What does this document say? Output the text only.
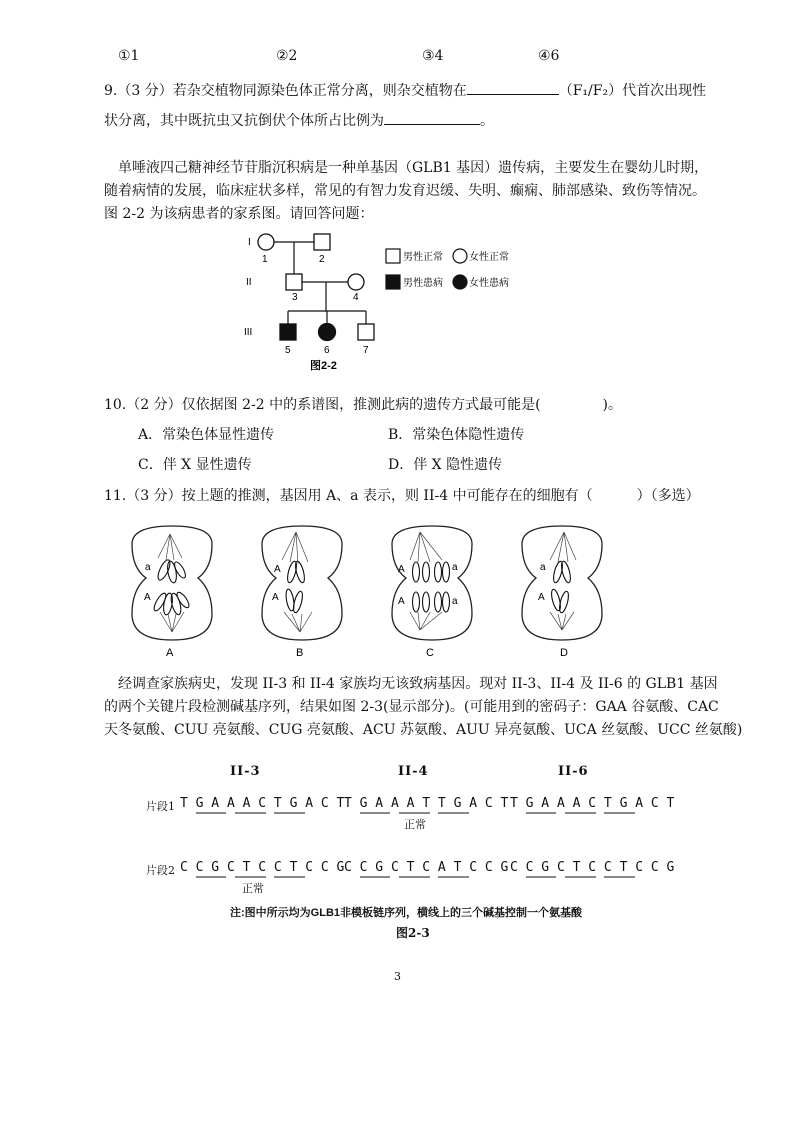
①1	②2	③4	④6
9.（3 分）若杂交植物同源染色体正常分离，则杂交植物在	（F₁/F₂）代首次出现性
状分离，其中既抗虫又抗倒伏个体所占比例为	。
单唾液四己糖神经节苷脂沉积病是一种单基因（GLB1 基因）遗传病，主要发生在婴幼儿时期，
随着病情的发展，临床症状多样，常见的有智力发育迟缓、失明、癫痫、肺部感染、致伤等情况。
图 2-2 为该病患者的家系图。请回答问题：
I
II
III
1	2
3	4
5	6	7
男性正常	女性正常
男性患病	女性患病
图2-2
10.（2 分）仅依据图 2-2 中的系谱图，推测此病的遗传方式最可能是(	)。
A．常染色体显性遗传	B．常染色体隐性遗传
C．伴 X 显性遗传	D．伴 X 隐性遗传
11.（3 分）按上题的推测，基因用 A、a 表示，则 II-4 中可能存在的细胞有（	）（多选）
a
A
A
A
A
B
A	a
A	a
C
a
A
D
经调查家族病史，发现 II-3 和 II-4 家族均无该致病基因。现对 II-3、II-4 及 II-6 的 GLB1 基因
的两个关键片段检测碱基序列，结果如图 2-3(显示部分)。(可能用到的密码子：GAA 谷氨酸、CAC
天冬氨酸、CUU 亮氨酸、CUG 亮氨酸、ACU 苏氨酸、AUU 异亮氨酸、UCA 丝氨酸、UCC 丝氨酸)
II-3	II-4	II-6
片段1 T G A A A C T G A C T T G A A A T T G A C T T G A A A C T G A C T
正常
片段2 C C G C T C C T C C G C C G C T C A T C C G C C G C T C C T C C G
正常
注:图中所示均为GLB1非模板链序列，横线上的三个碱基控制一个氨基酸
图2-3
3
